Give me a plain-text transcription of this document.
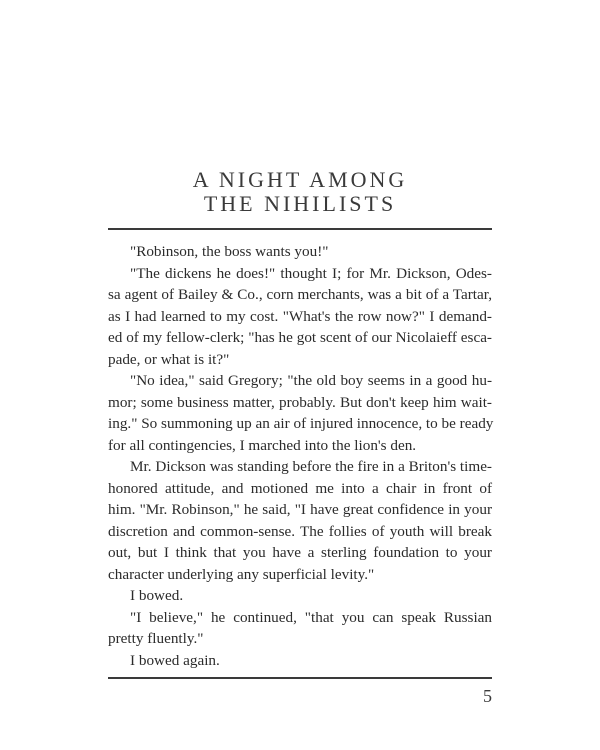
A NIGHT AMONG
THE NIHILISTS
"Robinson, the boss wants you!"
"The dickens he does!" thought I; for Mr. Dickson, Odes-
sa agent of Bailey & Co., corn merchants, was a bit of a Tartar,
as I had learned to my cost. "What's the row now?" I demand-
ed of my fellow-clerk; "has he got scent of our Nicolaieff esca-
pade, or what is it?"
"No idea," said Gregory; "the old boy seems in a good hu-
mor; some business matter, probably. But don't keep him wait-
ing." So summoning up an air of injured innocence, to be ready
for all contingencies, I marched into the lion's den.
Mr. Dickson was standing before the fire in a Briton's time-
honored attitude, and motioned me into a chair in front of
him. "Mr. Robinson," he said, "I have great confidence in your
discretion and common-sense. The follies of youth will break
out, but I think that you have a sterling foundation to your
character underlying any superficial levity."
I bowed.
"I believe," he continued, "that you can speak Russian
pretty fluently."
I bowed again.
5
